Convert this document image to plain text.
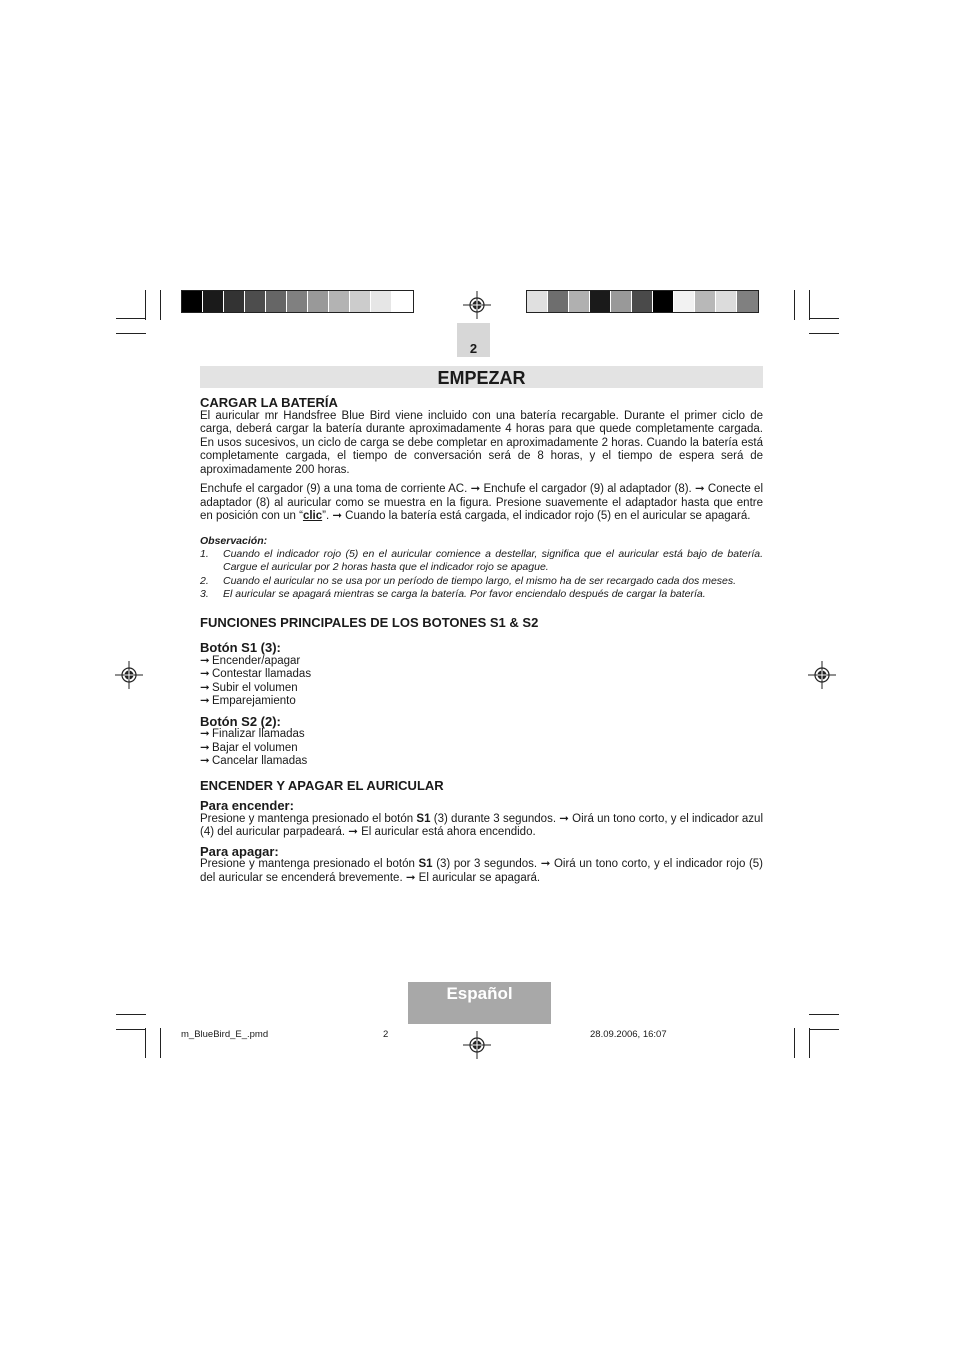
2
EMPEZAR
CARGAR LA BATERÍA

El auricular mr Handsfree Blue Bird viene incluido con una batería recargable. Durante el primer ciclo de carga, deberá cargar la batería durante aproximadamente 4 horas para que quede completamente cargada. En usos sucesivos, un ciclo de carga se debe completar en aproximadamente 2 horas. Cuando la batería está completamente cargada, el tiempo de conversación será de 8 horas, y el tiempo de espera será de aproximadamente 200 horas.

Enchufe el cargador (9) a una toma de corriente AC. ➞ Enchufe el cargador (9) al adaptador (8). ➞ Conecte el adaptador (8) al auricular como se muestra en la figura. Presione suavemente el adaptador hasta que entre en posición con un “clic”. ➞ Cuando la batería está cargada, el indicador rojo (5) en el auricular se apagará.

Observación:
1.	Cuando el indicador rojo (5) en el auricular comience a destellar, significa que el auricular está bajo de batería. Cargue el auricular por 2 horas hasta que el indicador rojo se apague.
2.	Cuando el auricular no se usa por un período de tiempo largo, el mismo ha de ser recargado cada dos meses.
3.	El auricular se apagará mientras se carga la batería. Por favor enciendalo después de cargar la batería.
FUNCIONES PRINCIPALES DE LOS BOTONES S1 & S2
Botón S1 (3):
➞ Encender/apagar
➞ Contestar llamadas
➞ Subir el volumen
➞ Emparejamiento
Botón S2 (2):
➞ Finalizar llamadas
➞ Bajar el volumen
➞ Cancelar llamadas
ENCENDER Y APAGAR EL AURICULAR
Para encender:

Presione y mantenga presionado el botón S1 (3) durante 3 segundos. ➞ Oirá un tono corto, y el indicador azul (4) del auricular parpadeará. ➞ El auricular está ahora encendido.

Para apagar:

Presione y mantenga presionado el botón S1 (3) por 3 segundos. ➞ Oirá un tono corto, y el indicador rojo (5) del auricular se encenderá brevemente. ➞ El auricular se apagará.

Español
m_BlueBird_E_.pmd	2	28.09.2006, 16:07
